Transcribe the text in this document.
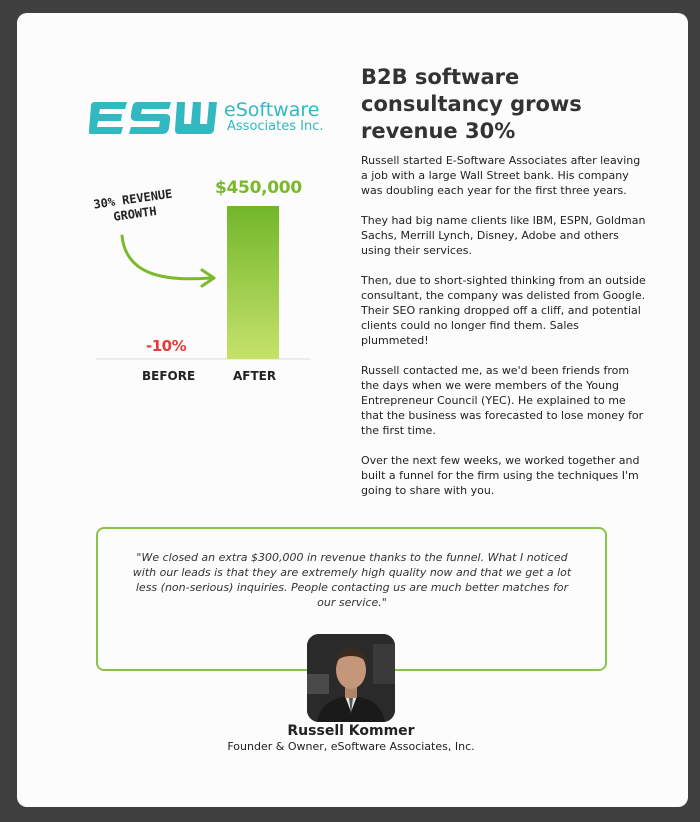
eSoftware
Associates Inc.
$450,000
-10%
BEFORE	AFTER
30% REVENUE GROWTH
B2B software consultancy grows revenue 30%

Russell started E-Software Associates after leaving a job with a large Wall Street bank. His company was doubling each year for the first three years.

They had big name clients like IBM, ESPN, Goldman Sachs, Merrill Lynch, Disney, Adobe and others using their services.

Then, due to short-sighted thinking from an outside consultant, the company was delisted from Google. Their SEO ranking dropped off a cliff, and potential clients could no longer find them. Sales plummeted!

Russell contacted me, as we'd been friends from the days when we were members of the Young Entrepreneur Council (YEC). He explained to me that the business was forecasted to lose money for the first time.

Over the next few weeks, we worked together and built a funnel for the firm using the techniques I'm going to share with you.

"We closed an extra $300,000 in revenue thanks to the funnel. What I noticed with our leads is that they are extremely high quality now and that we get a lot less (non-serious) inquiries. People contacting us are much better matches for our service."

Russell Kommer
Founder & Owner, eSoftware Associates, Inc.
